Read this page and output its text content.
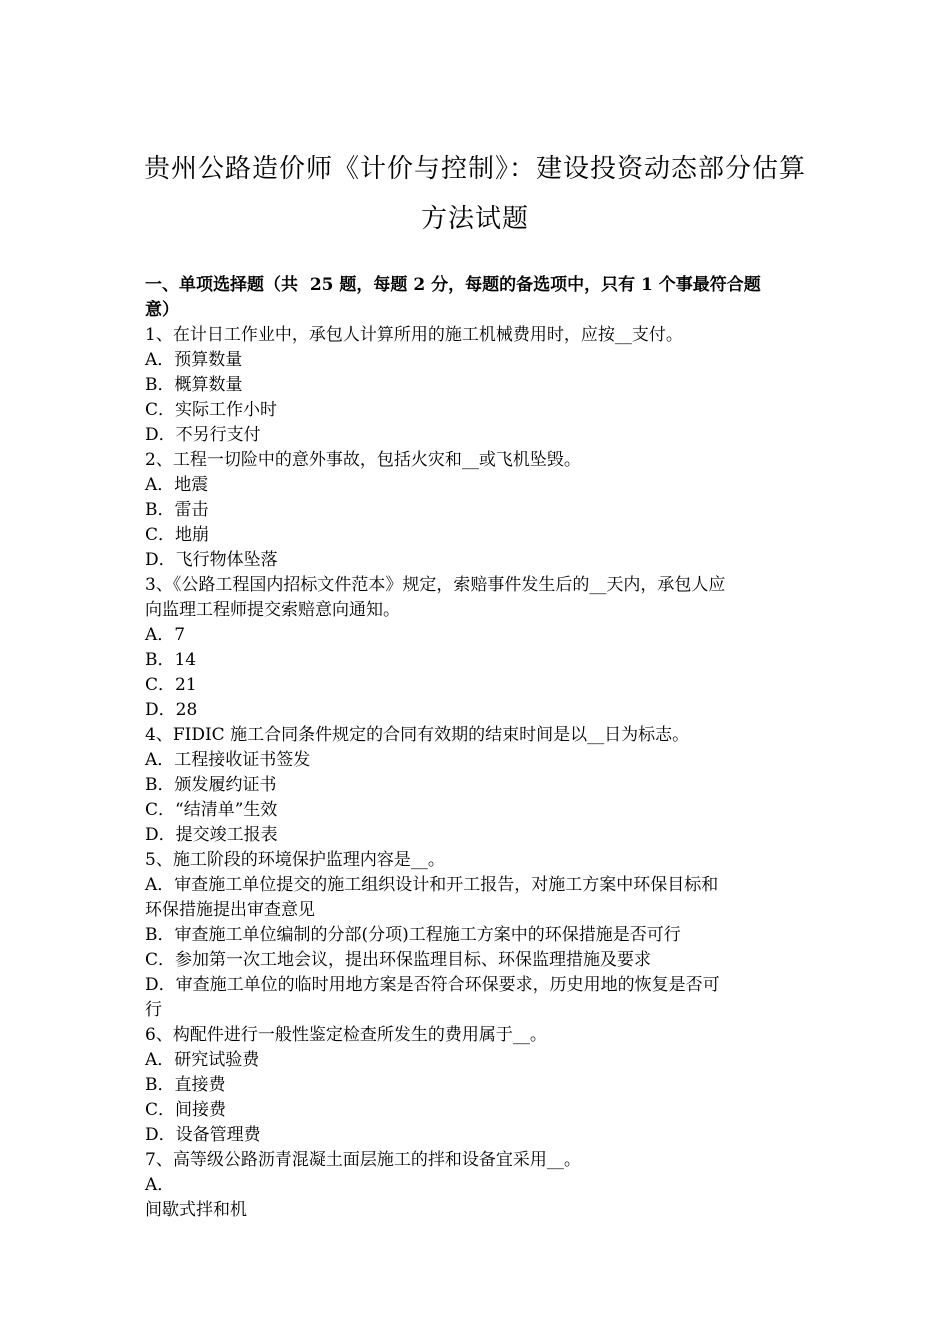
贵州公路造价师《计价与控制》：建设投资动态部分估算
方法试题
一、单项选择题（共  25 题，每题 2 分，每题的备选项中，只有 1 个事最符合题
意）
1、在计日工作业中，承包人计算所用的施工机械费用时，应按__支付。
A．预算数量
B．概算数量
C．实际工作小时
D．不另行支付
2、工程一切险中的意外事故，包括火灾和__或飞机坠毁。
A．地震
B．雷击
C．地崩
D．飞行物体坠落
3、《公路工程国内招标文件范本》规定，索赔事件发生后的__天内，承包人应
向监理工程师提交索赔意向通知。
A．7
B．14
C．21
D．28
4、FIDIC 施工合同条件规定的合同有效期的结束时间是以__日为标志。
A．工程接收证书签发
B．颁发履约证书
C．“结清单”生效
D．提交竣工报表
5、施工阶段的环境保护监理内容是__。
A．审查施工单位提交的施工组织设计和开工报告，对施工方案中环保目标和
环保措施提出审查意见
B．审查施工单位编制的分部(分项)工程施工方案中的环保措施是否可行
C．参加第一次工地会议，提出环保监理目标、环保监理措施及要求
D．审查施工单位的临时用地方案是否符合环保要求，历史用地的恢复是否可
行
6、构配件进行一般性鉴定检查所发生的费用属于__。
A．研究试验费
B．直接费
C．间接费
D．设备管理费
7、高等级公路沥青混凝土面层施工的拌和设备宜采用__。
A．
间歇式拌和机
